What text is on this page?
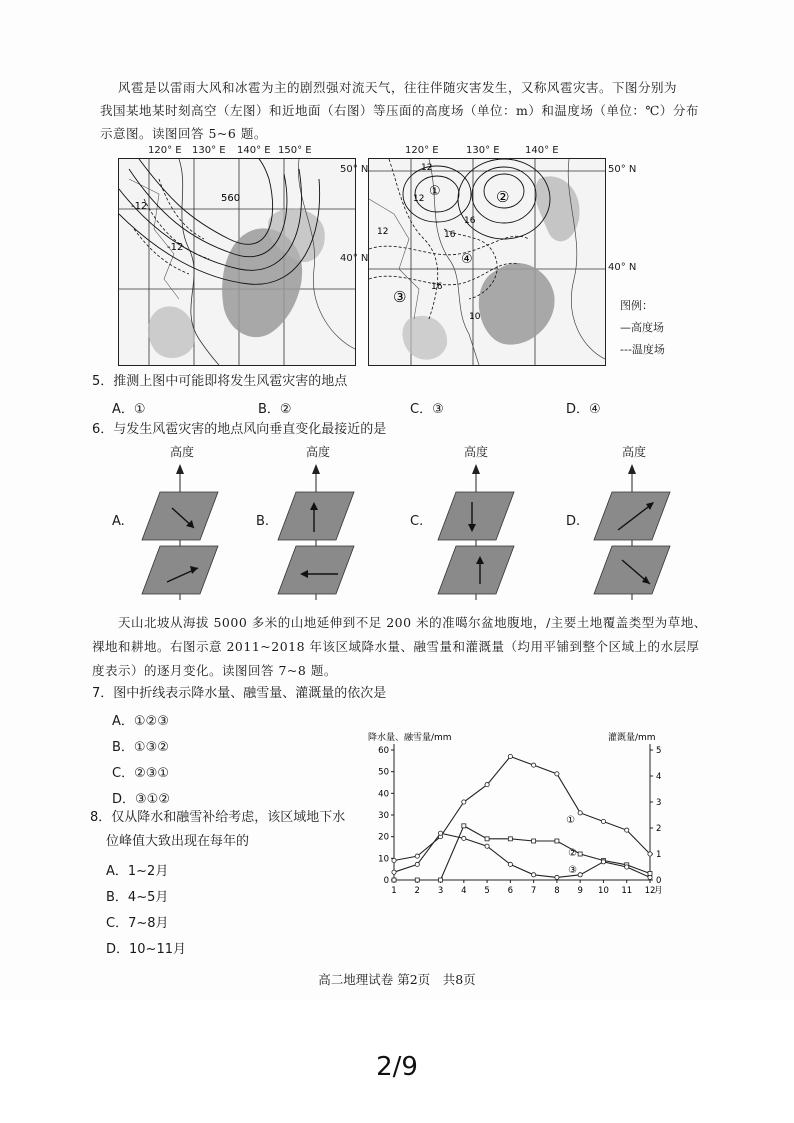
风雹是以雷雨大风和冰雹为主的剧烈强对流天气，往往伴随灾害发生，又称风雹灾害。下图分别为
我国某地某时刻高空（左图）和近地面（右图）等压面的高度场（单位：m）和温度场（单位：℃）分布
示意图。读图回答 5~6 题。
560
-12
-12
120° E 130° E 140° E 150° E
50° N
40° N
①	②
③
④
12
12
16
16
16
12
10
120° E	130° E	140° E
50° N
40° N
图例：
—高度场
---温度场
5．推测上图中可能即将发生风雹灾害的地点
A．①	B．②	C．③	D．④
6．与发生风雹灾害的地点风向垂直变化最接近的是
A.
高度
B.
高度
C.
高度
D.
高度
天山北坡从海拔 5000 多米的山地延伸到不足 200 米的准噶尔盆地腹地，/主要土地覆盖类型为草地、
裸地和耕地。右图示意 2011~2018 年该区域降水量、融雪量和灌溉量（均用平铺到整个区域上的水层厚
度表示）的逐月变化。读图回答 7~8 题。
7．图中折线表示降水量、融雪量、灌溉量的依次是
A．①②③
B．①③②
C．②③①
D．③①②
8．仅从降水和融雪补给考虑，该区域地下水
位峰值大致出现在每年的
A．1~2月
B．4~5月
C．7~8月
D．10~11月
降水量、融雪量/mm	灌溉量/mm
0
10
20
30
40
50
60
0
1
2
3
4
5
1 2 3 4 5 6 7 8 9 10 11 12
月
①
②
③
高二地理试卷 第2页　共8页
2/9
